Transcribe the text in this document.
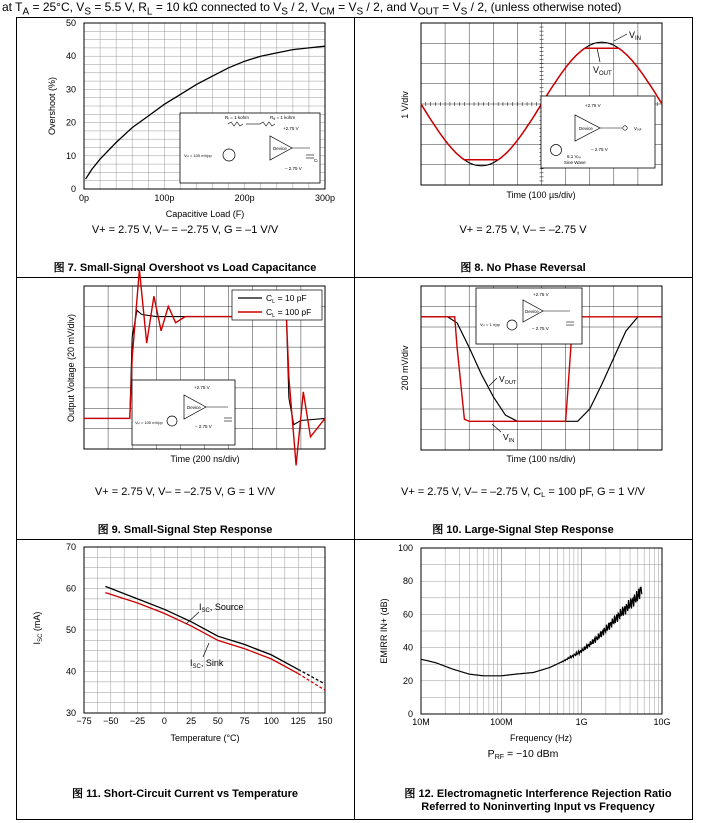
at $T_A = 25^\circ C$, $V_S = 5.5$ V, $R_L = 10$ kΩ connected to $V_S / 2$, $V_{CM} = V_S / 2$, and $V_{OUT} = V_S / 2$, (unless otherwise noted)
0p	100p	200p	300p
0
10
20
30
40
50
Rᵢ = 1 kohm	Rᵩ = 1 kohm
+2.75 V
Device
– 2.75 V
Vᵢₙ = 100 mVpp
Cₗ
Overshoot (%)
Capacitive Load (F)
V+ = 2.75 V, V– = –2.75 V, G = –1 V/V
图 7. Small-Signal Overshoot vs Load Capacitance
$V_{IN}$
$V_{OUT}$
+2.75 V
Device
– 2.75 V
Vₒᵤₜ
6.1 Vₚₚ
Sine Wave
1 V/div
Time (100 µs/div)
V+ = 2.75 V, V– = –2.75 V
图 8. No Phase Reversal
$C_L = 10$ pF
$C_L = 100$ pF
+2.75 V
Device
– 2.75 V
Vᵢₙ = 100 mVpp
Output Voltage (20 mV/div)
Time (200 ns/div)
V+ = 2.75 V, V– = –2.75 V, G = 1 V/V
图 9. Small-Signal Step Response
+2.75 V
Device
– 2.75 V
Vᵢₙ = 1 Vpp
$V_{OUT}$
$V_{IN}$
200 mV/div
Time (100 ns/div)
V+ = 2.75 V, V– = –2.75 V, CL = 100 pF, G = 1 V/V
图 10. Large-Signal Step Response
−75 −50 −25 0 25 50 75 100 125 150
30
40
50
60
70
$I_{SC}$, Source
$I_{SC}$, Sink
$I_{SC}$ (mA)
Temperature (°C)
图 11. Short-Circuit Current vs Temperature
10M	100M	1G	10G
0
20
40
60
80
100
EMIRR IN+ (dB)
Frequency (Hz)
PRF = −10 dBm
图 12. Electromagnetic Interference Rejection Ratio
Referred to Noninverting Input vs Frequency
